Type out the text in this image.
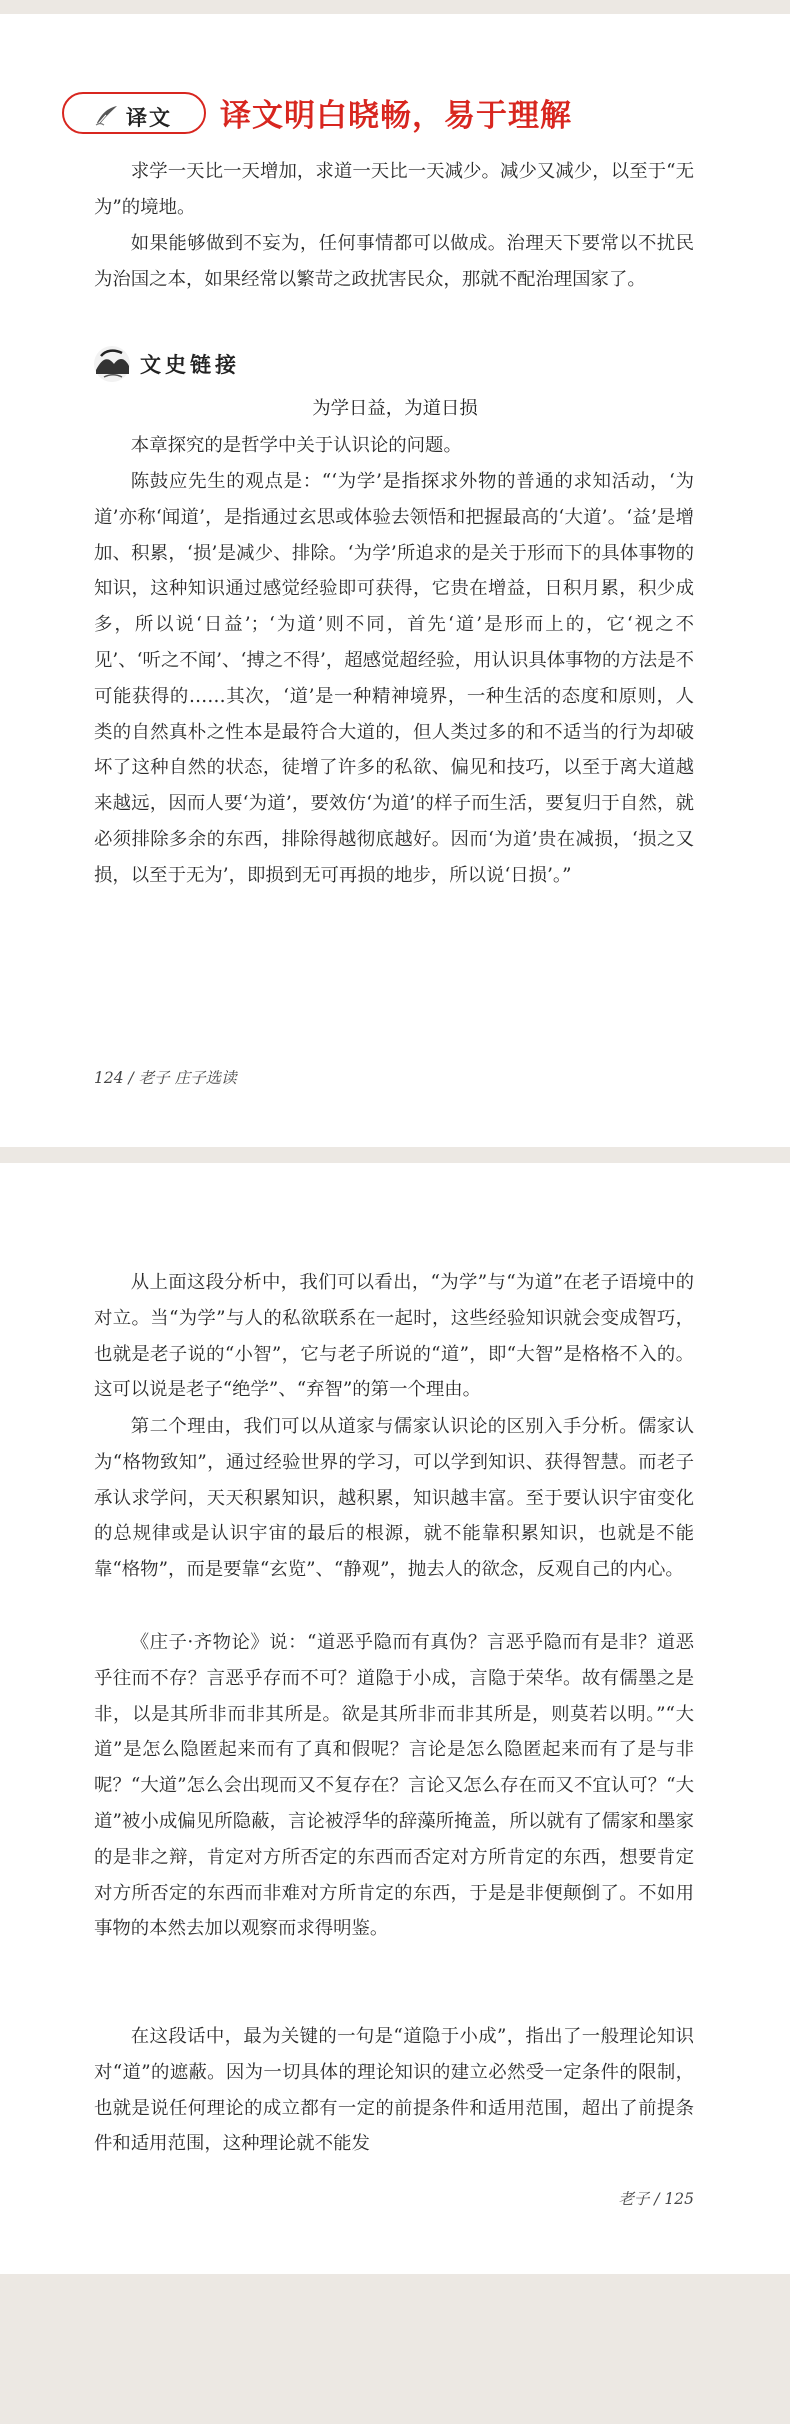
译文 译文明白晓畅，易于理解

求学一天比一天增加，求道一天比一天减少。减少又减少，以至于“无为”的境地。

如果能够做到不妄为，任何事情都可以做成。治理天下要常以不扰民为治国之本，如果经常以繁苛之政扰害民众，那就不配治理国家了。

文史链接

为学日益，为道日损

本章探究的是哲学中关于认识论的问题。

陈鼓应先生的观点是：“‘为学’是指探求外物的普通的求知活动，‘为道’亦称‘闻道’，是指通过玄思或体验去领悟和把握最高的‘大道’。‘益’是增加、积累，‘损’是减少、排除。‘为学’所追求的是关于形而下的具体事物的知识，这种知识通过感觉经验即可获得，它贵在增益，日积月累，积少成多，所以说‘日益’；‘为道’则不同，首先‘道’是形而上的，它‘视之不见’、‘听之不闻’、‘搏之不得’，超感觉超经验，用认识具体事物的方法是不可能获得的……其次，‘道’是一种精神境界，一种生活的态度和原则，人类的自然真朴之性本是最符合大道的，但人类过多的和不适当的行为却破坏了这种自然的状态，徒增了许多的私欲、偏见和技巧，以至于离大道越来越远，因而人要‘为道’，要效仿‘为道’的样子而生活，要复归于自然，就必须排除多余的东西，排除得越彻底越好。因而‘为道’贵在减损，‘损之又损，以至于无为’，即损到无可再损的地步，所以说‘日损’。”

124 / 老子 庄子选读

从上面这段分析中，我们可以看出，“为学”与“为道”在老子语境中的对立。当“为学”与人的私欲联系在一起时，这些经验知识就会变成智巧，也就是老子说的“小智”，它与老子所说的“道”，即“大智”是格格不入的。这可以说是老子“绝学”、“弃智”的第一个理由。

第二个理由，我们可以从道家与儒家认识论的区别入手分析。儒家认为“格物致知”，通过经验世界的学习，可以学到知识、获得智慧。而老子承认求学问，天天积累知识，越积累，知识越丰富。至于要认识宇宙变化的总规律或是认识宇宙的最后的根源，就不能靠积累知识，也就是不能靠“格物”，而是要靠“玄览”、“静观”，抛去人的欲念，反观自己的内心。

《庄子·齐物论》说：“道恶乎隐而有真伪？言恶乎隐而有是非？道恶乎往而不存？言恶乎存而不可？道隐于小成，言隐于荣华。故有儒墨之是非，以是其所非而非其所是。欲是其所非而非其所是，则莫若以明。”“大道”是怎么隐匿起来而有了真和假呢？言论是怎么隐匿起来而有了是与非呢？“大道”怎么会出现而又不复存在？言论又怎么存在而又不宜认可？“大道”被小成偏见所隐蔽，言论被浮华的辞藻所掩盖，所以就有了儒家和墨家的是非之辩，肯定对方所否定的东西而否定对方所肯定的东西，想要肯定对方所否定的东西而非难对方所肯定的东西，于是是非便颠倒了。不如用事物的本然去加以观察而求得明鉴。

在这段话中，最为关键的一句是“道隐于小成”，指出了一般理论知识对“道”的遮蔽。因为一切具体的理论知识的建立必然受一定条件的限制，也就是说任何理论的成立都有一定的前提条件和适用范围，超出了前提条件和适用范围，这种理论就不能发

老子 / 125
